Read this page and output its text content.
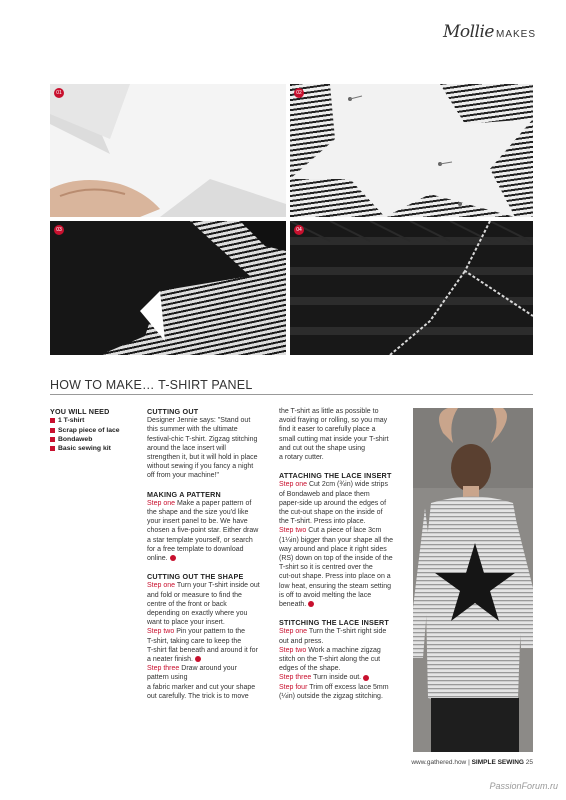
Mollie MAKES
01	02
03	04
HOW TO MAKE… T-SHIRT PANEL

YOU WILL NEED

1 T-shirt
Scrap piece of lace
Bondaweb
Basic sewing kit

CUTTING OUT

Designer Jennie says: "Stand out

this summer with the ultimate

festival-chic T-shirt. Zigzag stitching

around the lace insert will

strengthen it, but it will hold in place

without sewing if you fancy a night

off from your machine!"

MAKING A PATTERN

Step one Make a paper pattern of

the shape and the size you'd like

your insert panel to be. We have

chosen a five-point star. Either draw

a star template yourself, or search

for a free template to download

online.

CUTTING OUT THE SHAPE

Step one Turn your T-shirt inside out

and fold or measure to find the

centre of the front or back

depending on exactly where you

want to place your insert.

Step two Pin your pattern to the

T-shirt, taking care to keep the

T-shirt flat beneath and around it for

a neater finish.

Step three Draw around your

pattern using

a fabric marker and cut your shape

out carefully. The trick is to move

the T-shirt as little as possible to

avoid fraying or rolling, so you may

find it easer to carefully place a

small cutting mat inside your T-shirt

and cut out the shape using

a rotary cutter.

ATTACHING THE LACE INSERT

Step one Cut 2cm (¾in) wide strips

of Bondaweb and place them

paper-side up around the edges of

the cut-out shape on the inside of

the T-shirt. Press into place.

Step two Cut a piece of lace 3cm

(1¼in) bigger than your shape all the

way around and place it right sides

(RS) down on top of the inside of the

T-shirt so it is centred over the

cut-out shape. Press into place on a

low heat, ensuring the steam setting

is off to avoid melting the lace

beneath.

STITCHING THE LACE INSERT

Step one Turn the T-shirt right side

out and press.

Step two Work a machine zigzag

stitch on the T-shirt along the cut

edges of the shape.

Step three Turn inside out.

Step four Trim off excess lace 5mm

(¼in) outside the zigzag stitching.

www.gathered.how | SIMPLE SEWING 25
PassionForum.ru
